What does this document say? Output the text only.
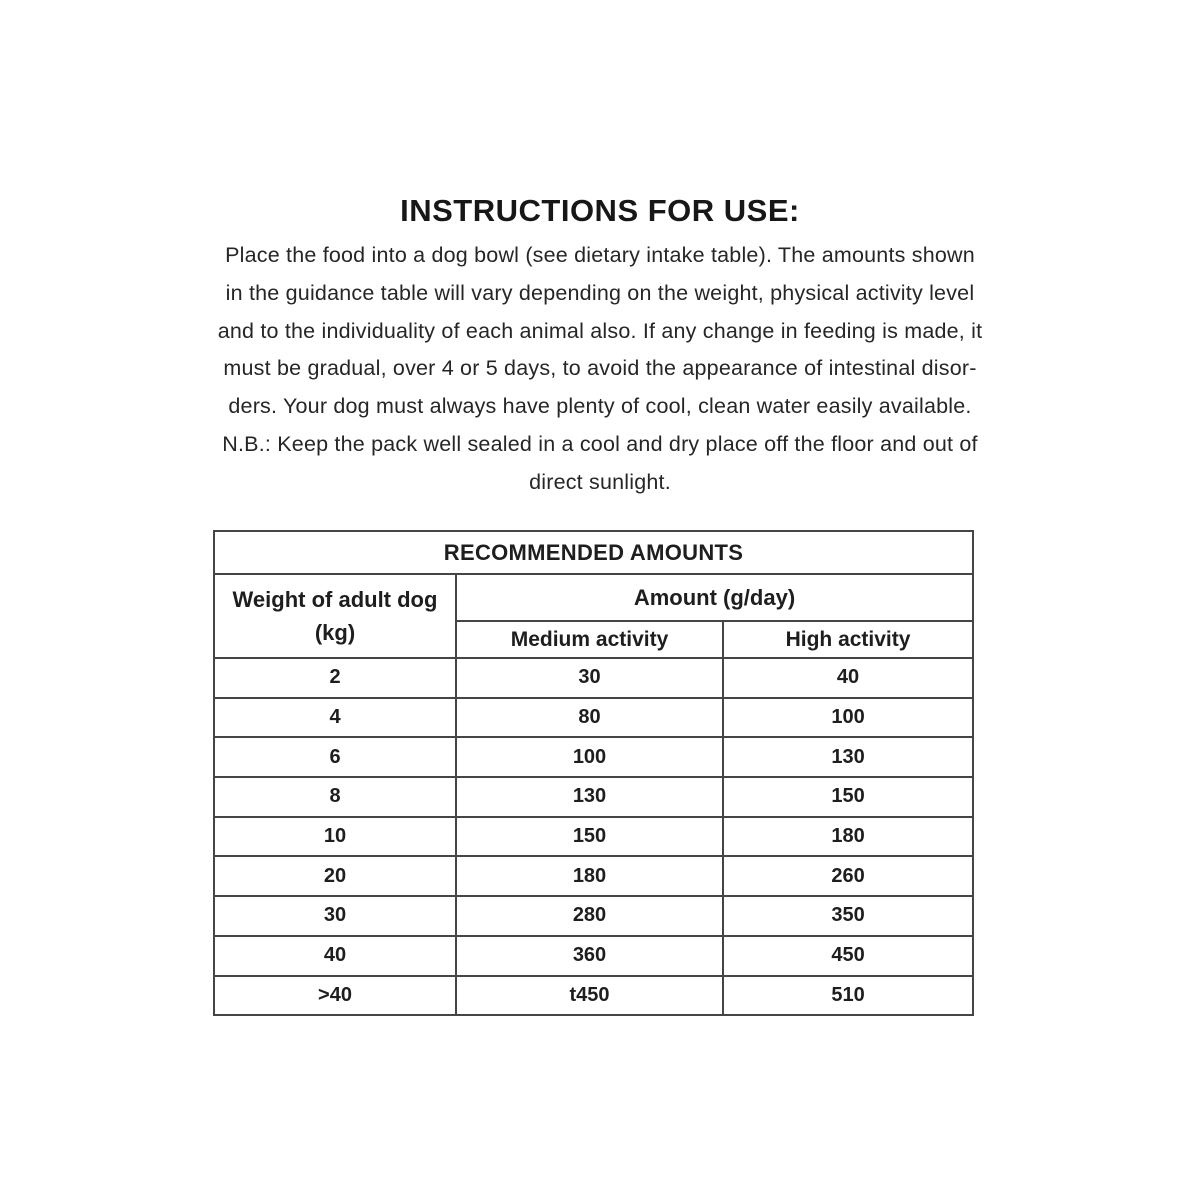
INSTRUCTIONS FOR USE:
Place the food into a dog bowl (see dietary intake table). The amounts shown
in the guidance table will vary depending on the weight, physical activity level
and to the individuality of each animal also. If any change in feeding is made, it
must be gradual, over 4 or 5 days, to avoid the appearance of intestinal disor-
ders. Your dog must always have plenty of cool, clean water easily available.
N.B.: Keep the pack well sealed in a cool and dry place off the floor and out of
direct sunlight.
RECOMMENDED AMOUNTS		
Weight of adult dog
(kg)	Amount (g/day)	
	Medium activity	High activity
2	30	40
4	80	100
6	100	130
8	130	150
10	150	180
20	180	260
30	280	350
40	360	450
>40	t450	510
